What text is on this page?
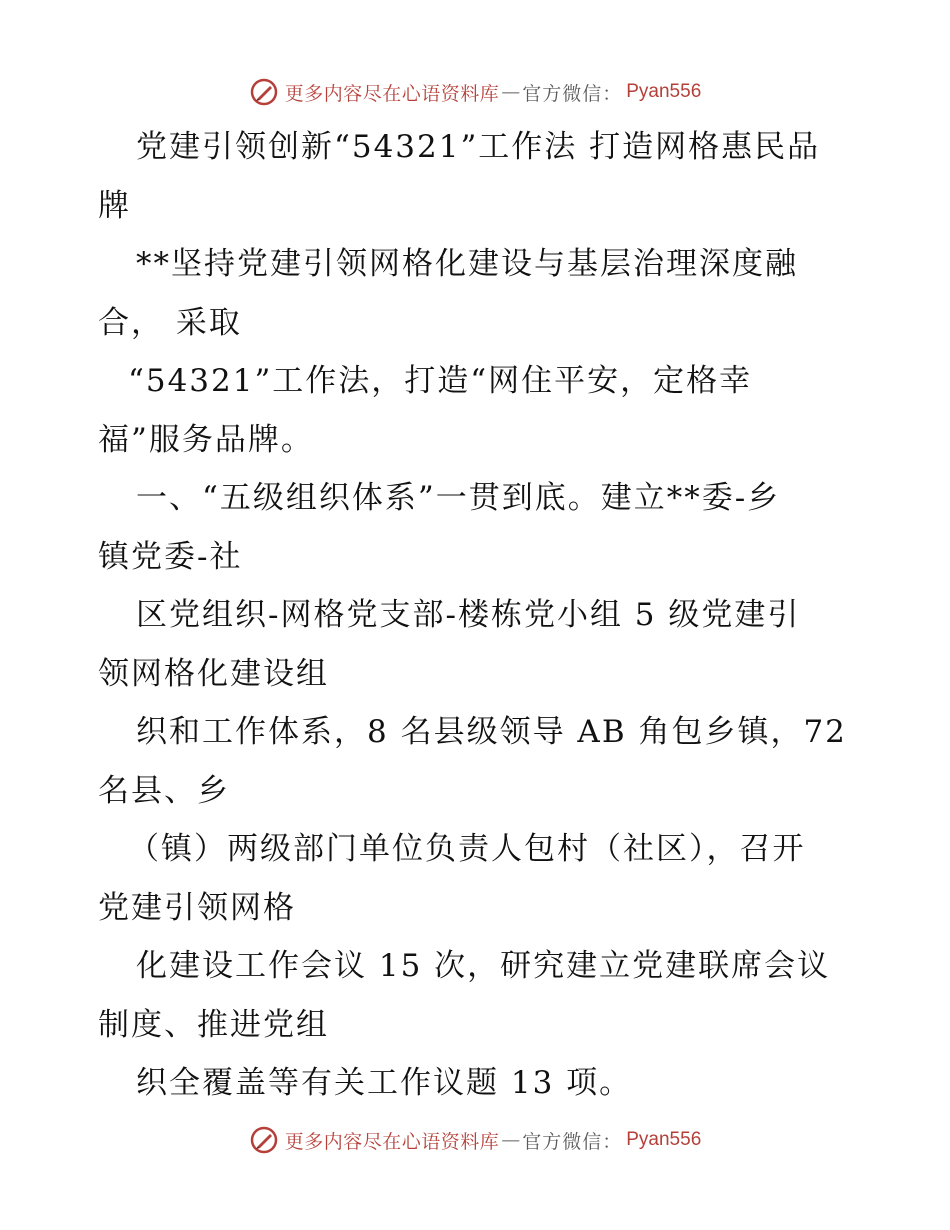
更多内容尽在心语资料库 — 官方微信： Pyan556
党建引领创新“54321”工作法 打造网格惠民品
牌
**坚持党建引领网格化建设与基层治理深度融
合， 采取
“54321”工作法，打造“网住平安，定格幸
福”服务品牌。
一、“五级组织体系”一贯到底。建立**委-乡
镇党委-社
区党组织-网格党支部-楼栋党小组 5 级党建引
领网格化建设组
织和工作体系，8 名县级领导 AB 角包乡镇，72
名县、乡
（镇）两级部门单位负责人包村（社区），召开
党建引领网格
化建设工作会议 15 次，研究建立党建联席会议
制度、推进党组
织全覆盖等有关工作议题 13 项。
更多内容尽在心语资料库 — 官方微信： Pyan556
